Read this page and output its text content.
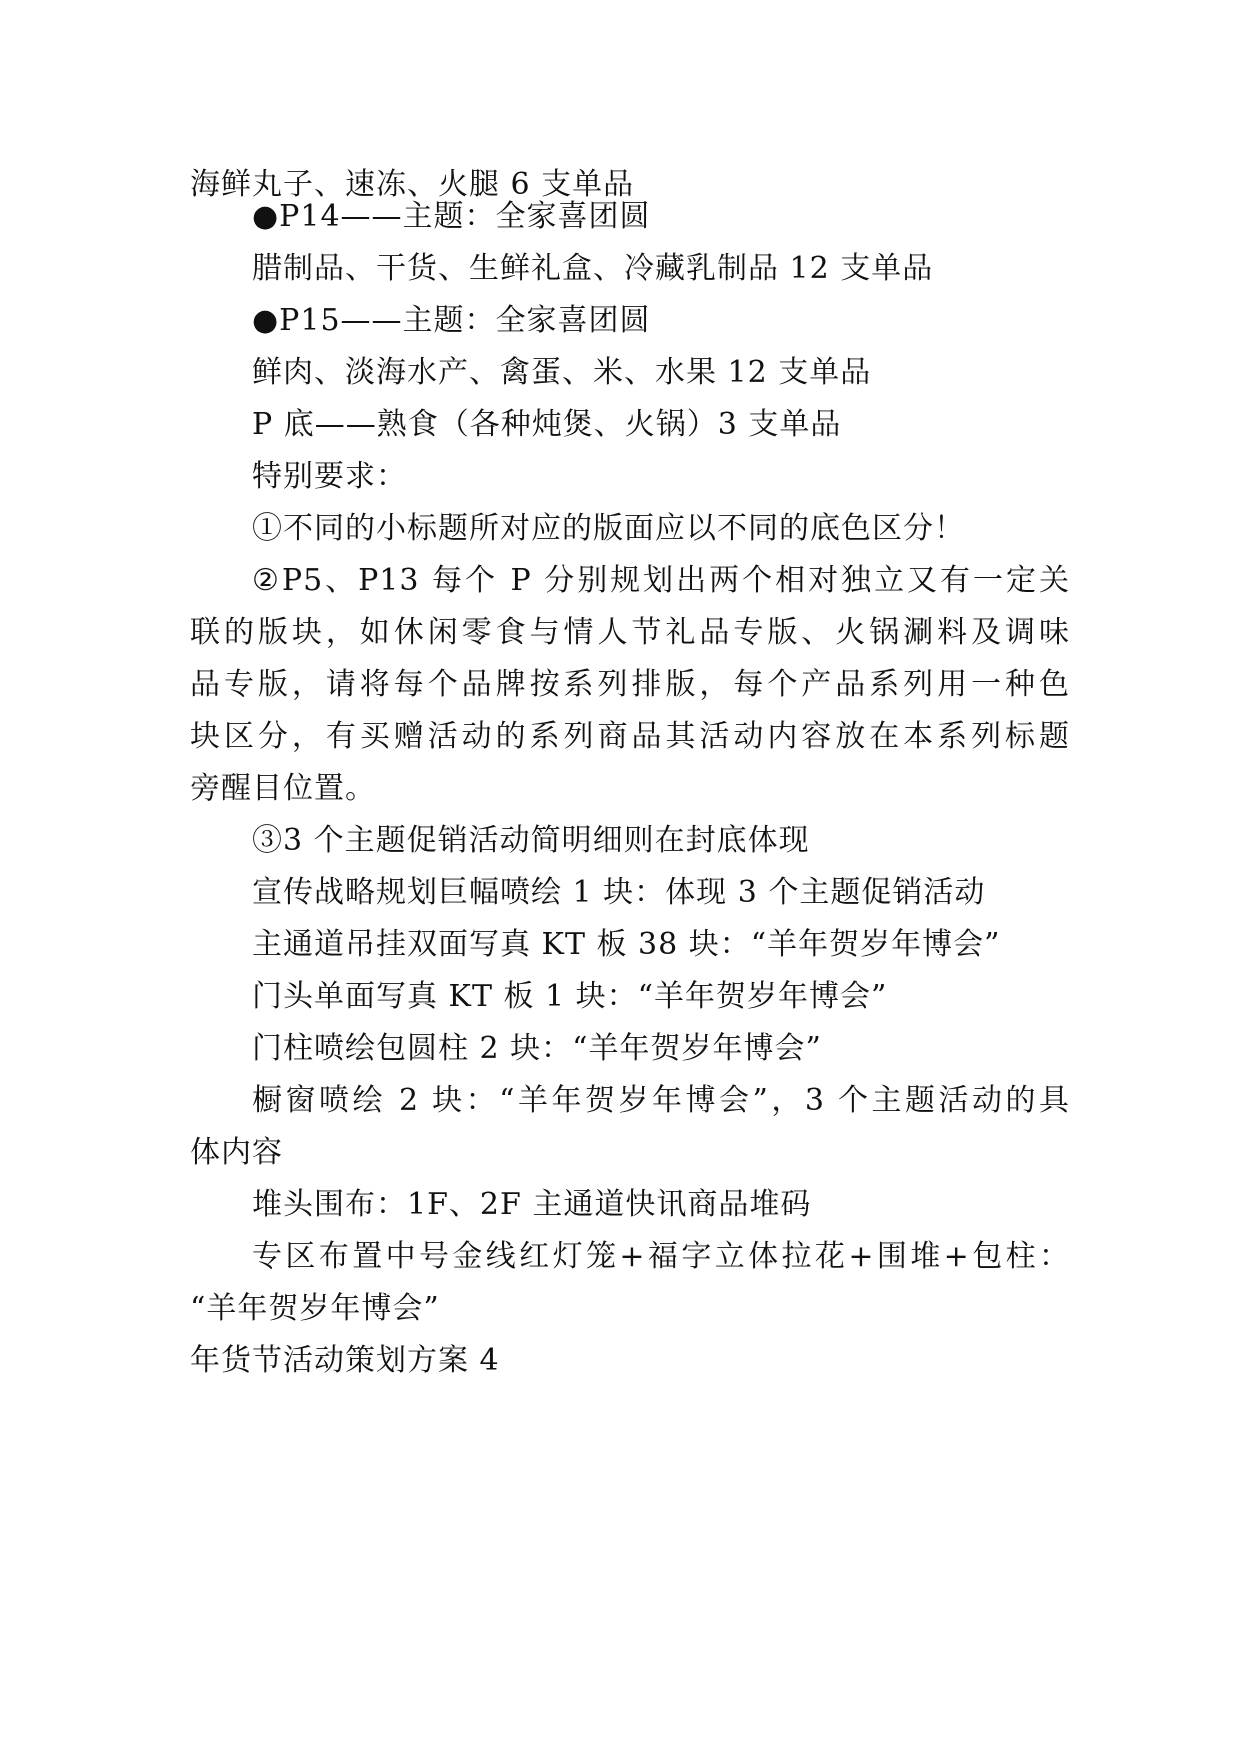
海鲜丸子、速冻、火腿 6 支单品
●P14——主题：全家喜团圆
腊制品、干货、生鲜礼盒、冷藏乳制品 12 支单品
●P15——主题：全家喜团圆
鲜肉、淡海水产、禽蛋、米、水果 12 支单品
P 底——熟食（各种炖煲、火锅）3 支单品
特别要求：
①不同的小标题所对应的版面应以不同的底色区分！
②P5、P13 每个 P 分别规划出两个相对独立又有一定关
联的版块，如休闲零食与情人节礼品专版、火锅涮料及调味
品专版，请将每个品牌按系列排版，每个产品系列用一种色
块区分，有买赠活动的系列商品其活动内容放在本系列标题
旁醒目位置。
③3 个主题促销活动简明细则在封底体现
宣传战略规划巨幅喷绘 1 块：体现 3 个主题促销活动
主通道吊挂双面写真 KT 板 38 块：“羊年贺岁年博会”
门头单面写真 KT 板 1 块：“羊年贺岁年博会”
门柱喷绘包圆柱 2 块：“羊年贺岁年博会”
橱窗喷绘 2 块：“羊年贺岁年博会”，3 个主题活动的具
体内容
堆头围布：1F、2F 主通道快讯商品堆码
专区布置中号金线红灯笼+福字立体拉花+围堆+包柱：
“羊年贺岁年博会”
年货节活动策划方案 4
